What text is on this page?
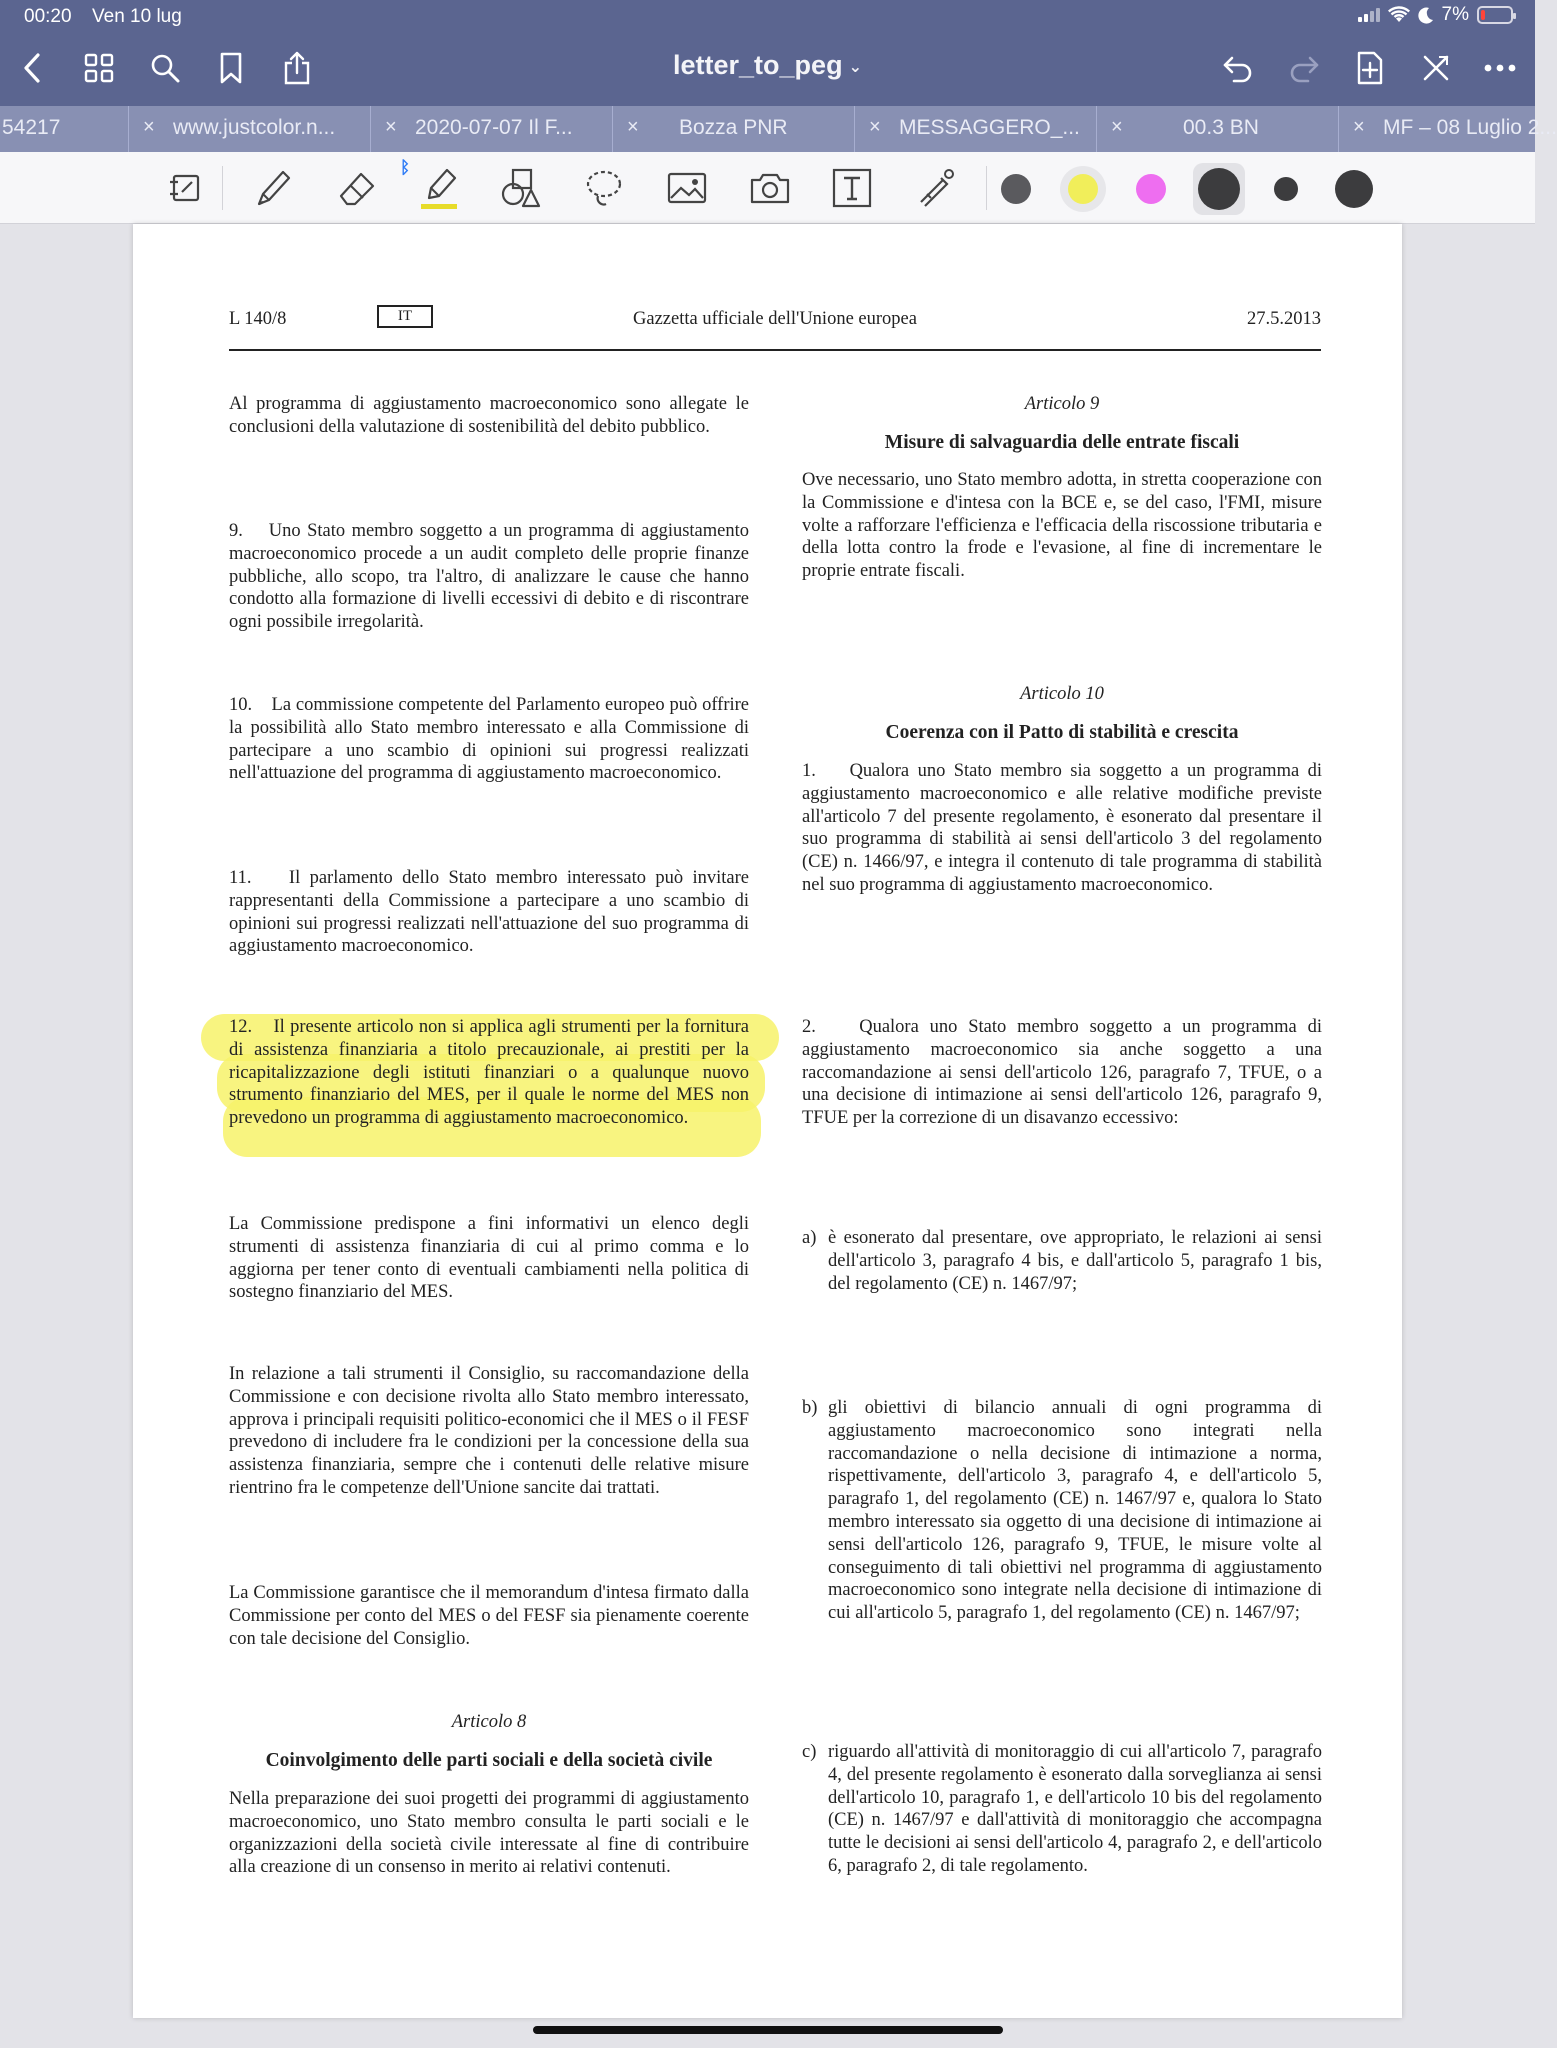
00:20 Ven 10 lug	7%
letter_to_peg ⌄
54217	× www.justcolor.n... × 2020-07-07 Il F...	× Bozza PNR	× MESSAGGERO_... ×	00.3 BN	× MF – 08 Luglio 2...
ᛒ
L 140/8	IT	Gazzetta ufficiale dell'Unione europea	27.5.2013
Al programma di aggiustamento macroeconomico sono allegate le conclusioni della valutazione di sostenibilità del debito pubblico.
9. Uno Stato membro soggetto a un programma di aggiustamento macroeconomico procede a un audit completo delle proprie finanze pubbliche, allo scopo, tra l'altro, di analizzare le cause che hanno condotto alla formazione di livelli eccessivi di debito e di riscontrare ogni possibile irregolarità.
10. La commissione competente del Parlamento europeo può offrire la possibilità allo Stato membro interessato e alla Commissione di partecipare a uno scambio di opinioni sui progressi realizzati nell'attuazione del programma di aggiustamento macroeconomico.
11. Il parlamento dello Stato membro interessato può invitare rappresentanti della Commissione a partecipare a uno scambio di opinioni sui progressi realizzati nell'attuazione del suo programma di aggiustamento macroeconomico.
12. Il presente articolo non si applica agli strumenti per la fornitura di assistenza finanziaria a titolo precauzionale, ai prestiti per la ricapitalizzazione degli istituti finanziari o a qualunque nuovo strumento finanziario del MES, per il quale le norme del MES non prevedono un programma di aggiustamento macroeconomico.
La Commissione predispone a fini informativi un elenco degli strumenti di assistenza finanziaria di cui al primo comma e lo aggiorna per tener conto di eventuali cambiamenti nella politica di sostegno finanziario del MES.
In relazione a tali strumenti il Consiglio, su raccomandazione della Commissione e con decisione rivolta allo Stato membro interessato, approva i principali requisiti politico-economici che il MES o il FESF prevedono di includere fra le condizioni per la concessione della sua assistenza finanziaria, sempre che i contenuti delle relative misure rientrino fra le competenze dell'Unione sancite dai trattati.
La Commissione garantisce che il memorandum d'intesa firmato dalla Commissione per conto del MES o del FESF sia pienamente coerente con tale decisione del Consiglio.
Articolo 8
Coinvolgimento delle parti sociali e della società civile
Nella preparazione dei suoi progetti dei programmi di aggiustamento macroeconomico, uno Stato membro consulta le parti sociali e le organizzazioni della società civile interessate al fine di contribuire alla creazione di un consenso in merito ai relativi contenuti.
Articolo 9
Misure di salvaguardia delle entrate fiscali
Ove necessario, uno Stato membro adotta, in stretta cooperazione con la Commissione e d'intesa con la BCE e, se del caso, l'FMI, misure volte a rafforzare l'efficienza e l'efficacia della riscossione tributaria e della lotta contro la frode e l'evasione, al fine di incrementare le proprie entrate fiscali.
Articolo 10
Coerenza con il Patto di stabilità e crescita
1. Qualora uno Stato membro sia soggetto a un programma di aggiustamento macroeconomico e alle relative modifiche previste all'articolo 7 del presente regolamento, è esonerato dal presentare il suo programma di stabilità ai sensi dell'articolo 3 del regolamento (CE) n. 1466/97, e integra il contenuto di tale programma di stabilità nel suo programma di aggiustamento macroeconomico.
2. Qualora uno Stato membro soggetto a un programma di aggiustamento macroeconomico sia anche soggetto a una raccomandazione ai sensi dell'articolo 126, paragrafo 7, TFUE, o a una decisione di intimazione ai sensi dell'articolo 126, paragrafo 9, TFUE per la correzione di un disavanzo eccessivo:
a) è esonerato dal presentare, ove appropriato, le relazioni ai sensi dell'articolo 3, paragrafo 4 bis, e dall'articolo 5, paragrafo 1 bis, del regolamento (CE) n. 1467/97;
b) gli obiettivi di bilancio annuali di ogni programma di aggiustamento macroeconomico sono integrati nella raccomandazione o nella decisione di intimazione a norma, rispettivamente, dell'articolo 3, paragrafo 4, e dell'articolo 5, paragrafo 1, del regolamento (CE) n. 1467/97 e, qualora lo Stato membro interessato sia oggetto di una decisione di intimazione ai sensi dell'articolo 126, paragrafo 9, TFUE, le misure volte al conseguimento di tali obiettivi nel programma di aggiustamento macroeconomico sono integrate nella decisione di intimazione di cui all'articolo 5, paragrafo 1, del regolamento (CE) n. 1467/97;
c) riguardo all'attività di monitoraggio di cui all'articolo 7, paragrafo 4, del presente regolamento è esonerato dalla sorveglianza ai sensi dell'articolo 10, paragrafo 1, e dell'articolo 10 bis del regolamento (CE) n. 1467/97 e dall'attività di monitoraggio che accompagna tutte le decisioni ai sensi dell'articolo 4, paragrafo 2, e dell'articolo 6, paragrafo 2, di tale regolamento.
